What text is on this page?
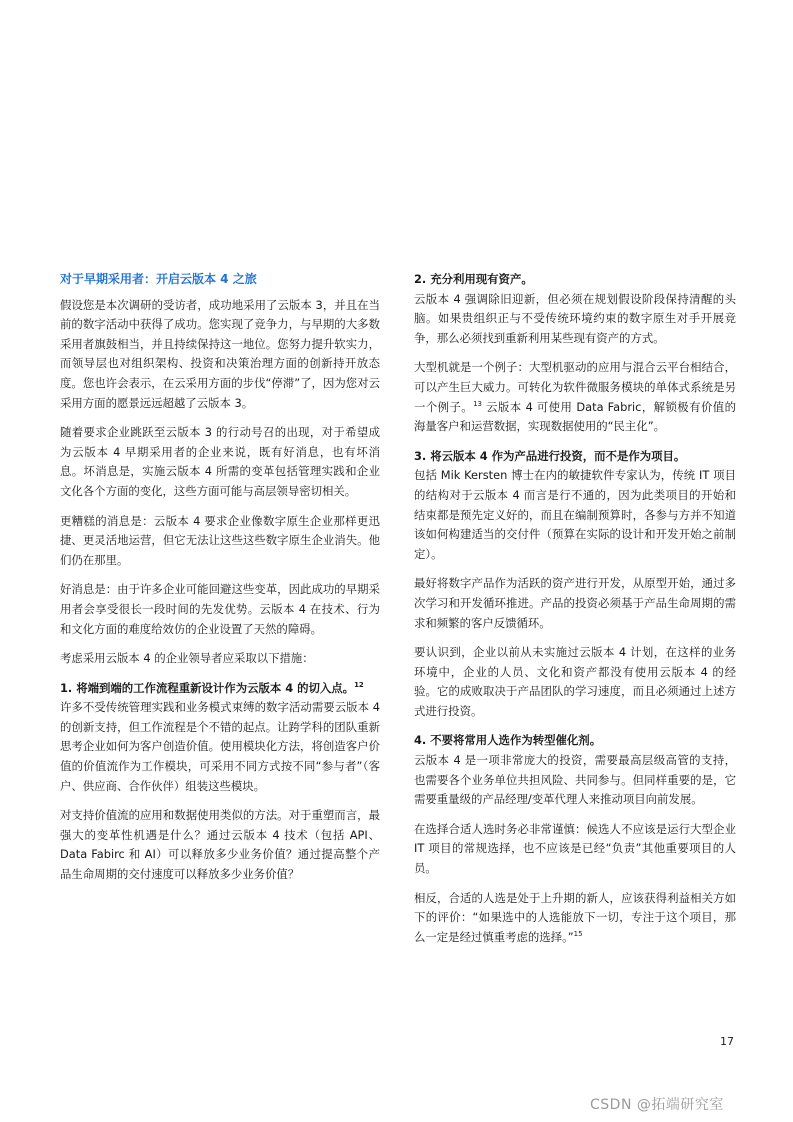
对于早期采用者：开启云版本 4 之旅

假设您是本次调研的受访者，成功地采用了云版本 3，并且在当前的数字活动中获得了成功。您实现了竞争力，与早期的大多数采用者旗鼓相当，并且持续保持这一地位。您努力提升软实力，而领导层也对组织架构、投资和决策治理方面的创新持开放态度。您也许会表示，在云采用方面的步伐“停滞”了，因为您对云采用方面的愿景远远超越了云版本 3。

随着要求企业跳跃至云版本 3 的行动号召的出现，对于希望成为云版本 4 早期采用者的企业来说，既有好消息，也有坏消息。坏消息是，实施云版本 4 所需的变革包括管理实践和企业文化各个方面的变化，这些方面可能与高层领导密切相关。

更糟糕的消息是：云版本 4 要求企业像数字原生企业那样更迅捷、更灵活地运营，但它无法让这些这些数字原生企业消失。他们仍在那里。

好消息是：由于许多企业可能回避这些变革，因此成功的早期采用者会享受很长一段时间的先发优势。云版本 4 在技术、行为和文化方面的难度给效仿的企业设置了天然的障碍。

考虑采用云版本 4 的企业领导者应采取以下措施：

1. 将端到端的工作流程重新设计作为云版本 4 的切入点。$^{12}$

许多不受传统管理实践和业务模式束缚的数字活动需要云版本 4 的创新支持，但工作流程是个不错的起点。让跨学科的团队重新思考企业如何为客户创造价值。使用模块化方法，将创造客户价值的价值流作为工作模块，可采用不同方式按不同“参与者”（客户、供应商、合作伙伴）组装这些模块。

对支持价值流的应用和数据使用类似的方法。对于重塑而言，最强大的变革性机遇是什么？通过云版本 4 技术（包括 API、Data Fabirc 和 AI）可以释放多少业务价值？通过提高整个产品生命周期的交付速度可以释放多少业务价值？

2. 充分利用现有资产。

云版本 4 强调除旧迎新，但必须在规划假设阶段保持清醒的头脑。如果贵组织正与不受传统环境约束的数字原生对手开展竞争，那么必须找到重新利用某些现有资产的方式。

大型机就是一个例子：大型机驱动的应用与混合云平台相结合，可以产生巨大威力。可转化为软件微服务模块的单体式系统是另一个例子。$^{13}$ 云版本 4 可使用 Data Fabric，解锁极有价值的海量客户和运营数据，实现数据使用的“民主化”。

3. 将云版本 4 作为产品进行投资，而不是作为项目。

包括 Mik Kersten 博士在内的敏捷软件专家认为，传统 IT 项目的结构对于云版本 4 而言是行不通的，因为此类项目的开始和结束都是预先定义好的，而且在编制预算时，各参与方并不知道该如何构建适当的交付件（预算在实际的设计和开发开始之前制定）。

最好将数字产品作为活跃的资产进行开发，从原型开始，通过多次学习和开发循环推进。产品的投资必须基于产品生命周期的需求和频繁的客户反馈循环。

要认识到，企业以前从未实施过云版本 4 计划，在这样的业务环境中，企业的人员、文化和资产都没有使用云版本 4 的经验。它的成败取决于产品团队的学习速度，而且必须通过上述方式进行投资。

4. 不要将常用人选作为转型催化剂。

云版本 4 是一项非常庞大的投资，需要最高层级高管的支持，也需要各个业务单位共担风险、共同参与。但同样重要的是，它需要重量级的产品经理/变革代理人来推动项目向前发展。

在选择合适人选时务必非常谨慎：候选人不应该是运行大型企业 IT 项目的常规选择，也不应该是已经“负责”其他重要项目的人员。

相反，合适的人选是处于上升期的新人，应该获得利益相关方如下的评价：“如果选中的人选能放下一切，专注于这个项目，那么一定是经过慎重考虑的选择。”$^{15}$

17
CSDN @拓端研究室
